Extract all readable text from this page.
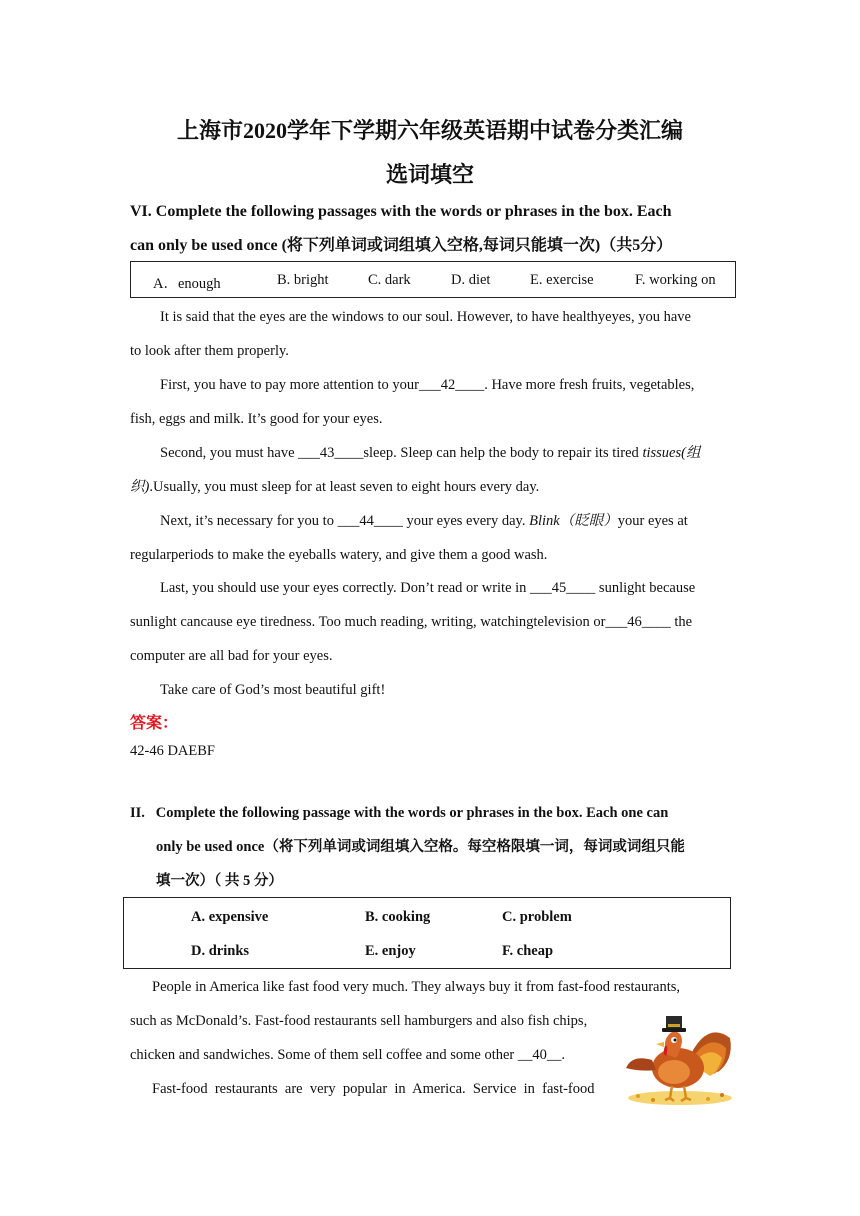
上海市2020学年下学期六年级英语期中试卷分类汇编
选词填空
VI. Complete the following passages with the words or phrases in the box. Each
can only be used once (将下列单词或词组填入空格,每词只能填一次)（共5分）
A．enough	B. bright	C. dark	D. diet	E. exercise	F. working on
It is said that the eyes are the windows to our soul. However, to have healthyeyes, you have
to look after them properly.
First, you have to pay more attention to your___42____. Have more fresh fruits, vegetables,
fish, eggs and milk. It’s good for your eyes.
Second, you must have ___43____sleep. Sleep can help the body to repair its tired tissues(组
织).Usually, you must sleep for at least seven to eight hours every day.
Next, it’s necessary for you to ___44____ your eyes every day. Blink（眨眼）your eyes at
regularperiods to make the eyeballs watery, and give them a good wash.
Last, you should use your eyes correctly. Don’t read or write in ___45____ sunlight because
sunlight cancause eye tiredness. Too much reading, writing, watchingtelevision or___46____ the
computer are all bad for your eyes.
Take care of God’s most beautiful gift!
答案：
42-46 DAEBF
II. Complete the following passage with the words or phrases in the box. Each one can
only be used once（将下列单词或词组填入空格。每空格限填一词，每词或词组只能
填一次）（ 共 5 分）
A. expensive	B. cooking	C. problem
D. drinks	E. enjoy	F. cheap
People in America like fast food very much. They always buy it from fast-food restaurants,
such as McDonald’s. Fast-food restaurants sell hamburgers and also fish chips,
chicken and sandwiches. Some of them sell coffee and some other __40__.
Fast-food  restaurants  are  very  popular  in  America.  Service  in  fast-food
